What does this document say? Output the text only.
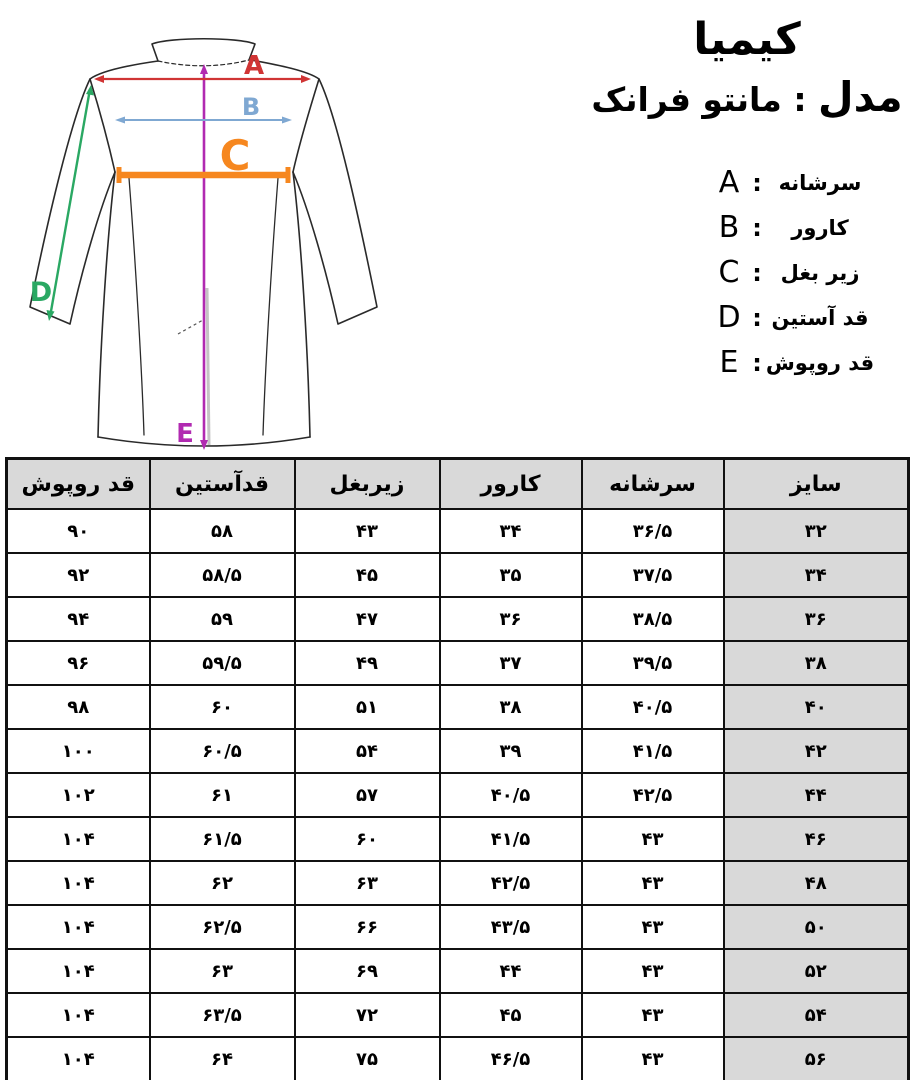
A
B
C
D
E
کیمیا
مدل : مانتو فرانک
A : سرشانه
B :	کارور
C : زیر بغل
D : قد آستین
E : قد روپوش
سایز	سرشانه	کارور	زیربغل	قدآستین	قد روپوش
۳۲	۳۶/۵	۳۴	۴۳	۵۸	۹۰
۳۴	۳۷/۵	۳۵	۴۵	۵۸/۵	۹۲
۳۶	۳۸/۵	۳۶	۴۷	۵۹	۹۴
۳۸	۳۹/۵	۳۷	۴۹	۵۹/۵	۹۶
۴۰	۴۰/۵	۳۸	۵۱	۶۰	۹۸
۴۲	۴۱/۵	۳۹	۵۴	۶۰/۵	۱۰۰
۴۴	۴۲/۵	۴۰/۵	۵۷	۶۱	۱۰۲
۴۶	۴۳	۴۱/۵	۶۰	۶۱/۵	۱۰۴
۴۸	۴۳	۴۲/۵	۶۳	۶۲	۱۰۴
۵۰	۴۳	۴۳/۵	۶۶	۶۲/۵	۱۰۴
۵۲	۴۳	۴۴	۶۹	۶۳	۱۰۴
۵۴	۴۳	۴۵	۷۲	۶۳/۵	۱۰۴
۵۶	۴۳	۴۶/۵	۷۵	۶۴	۱۰۴
